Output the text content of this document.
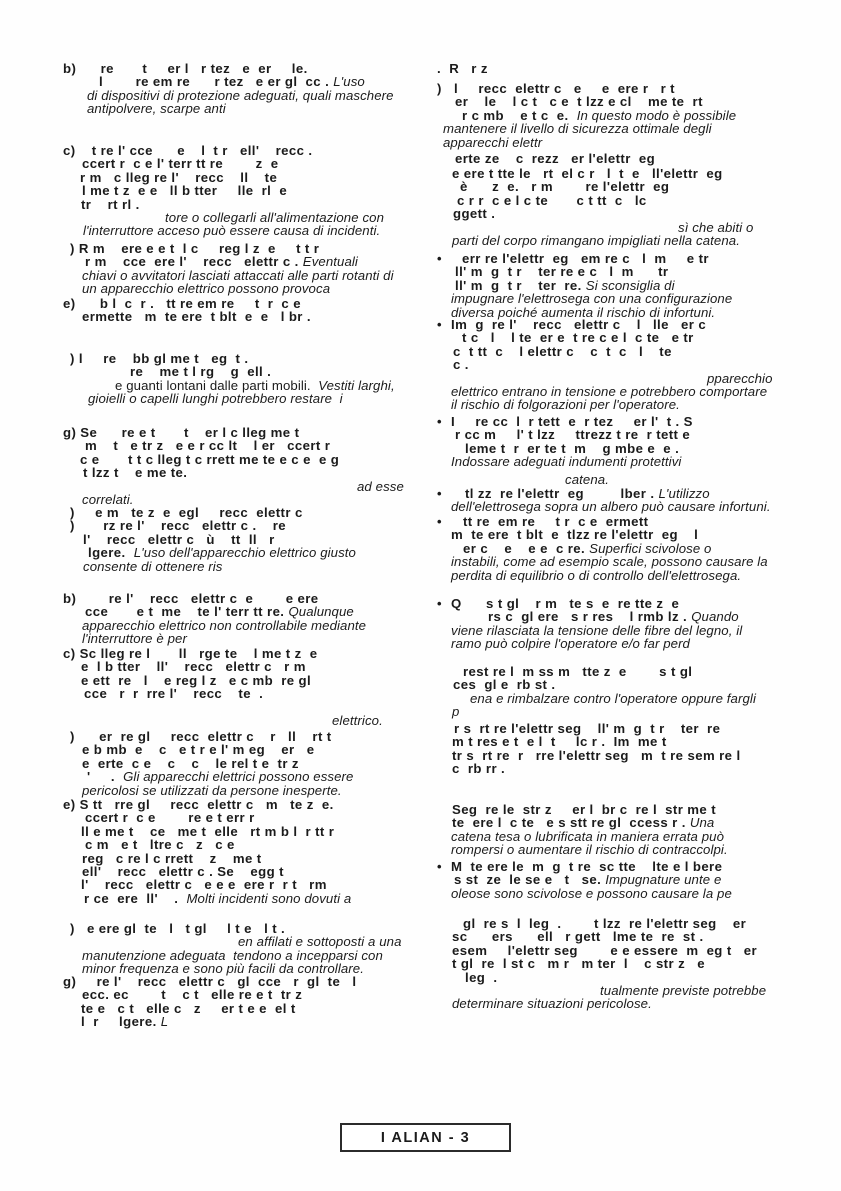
I ALIAN - 3
b)      re       t     er l   r tez   e  er     le.
l        re em re      r tez   e er gl  cc . L'uso
di dispositivi di protezione adeguati, quali maschere
antipolvere, scarpe anti
c)    t re l' cce      e    l  t r   ell'    recc .
ccert r  c e l' terr tt re        z  e
r m   c lleg re l'    recc    ll    te
l me t z  e e   ll b tter     lle  rl  e
tr    rt rl .
tore o collegarli all'alimentazione con
l'interruttore acceso può essere causa di incidenti.
) R m    ere e e t  l c     reg l z  e     t t r
r m    cce  ere l'    recc   elettr c . Eventuali
chiavi o avvitatori lasciati attaccati alle parti rotanti di
un apparecchio elettrico possono provoca
e)      b l  c  r .   tt re em re     t  r  c e
ermette   m  te ere  t blt  e  e   l br .
) l     re    bb gl me t   eg  t .
re    me t l rg    g  ell .
e guanti lontani dalle parti mobili.  Vestiti larghi,
gioielli o capelli lunghi potrebbero restare  i
g) Se      re e t       t    er l c lleg me t
m    t   e tr z   e e r cc lt    l er   ccert r
c e       t t c lleg t c rrett me te e c e  e g
t lzz t    e me te.
ad esse
correlati.
)     e m   te z  e  egl     recc  elettr c
)       rz re l'    recc   elettr c .    re
l'    recc   elettr c   ù    tt  ll   r
lgere.  L'uso dell'apparecchio elettrico giusto
consente di ottenere ris
b)        re l'    recc   elettr c  e        e ere
cce       e t  me    te l' terr tt re. Qualunque
apparecchio elettrico non controllabile mediante
l'interruttore è per
c) Sc lleg re l       ll   rge te    l me t z  e
e  l b tter    ll'    recc   elettr c   r m
e ett  re   l    e reg l z   e c mb  re gl
cce   r  r  rre l'    recc    te  .
elettrico.
)      er  re gl     recc  elettr c    r   ll    rt t
e b mb  e    c   e t r e l' m eg    er   e
e  erte  c e    c    c    le rel t e  tr z
'     .  Gli apparecchi elettrici possono essere
pericolosi se utilizzati da persone inesperte.
e) S tt   rre gl     recc  elettr c   m   te z  e.
ccert r  c e        re e t err r
ll e me t    ce   me t  elle   rt m b l  r tt r
c m   e t   ltre c   z   c e
reg   c re l c rrett    z    me t
ell'    recc   elettr c . Se    egg t
l'    recc   elettr c   e e e  ere r  r t   rm
r ce  ere  ll'    .  Molti incidenti sono dovuti a
)   e ere gl  te   l   t gl     l t e   l t .
en affilati e sottoposti a una
manutenzione adeguata  tendono a incepparsi con
minor frequenza e sono più facili da controllare.
g)     re l'    recc   elettr c   gl  cce   r  gl  te   l
ecc. ec        t    c t   elle re e t  tr z
te e   c t   elle c   z     er t e e  el t
l  r     lgere. L
.  R   r z
)   l     recc  elettr c   e     e  ere r   r t
er    le    l c t   c e  t lzz e cl    me te  rt
r c mb    e t c  e.  In questo modo è possibile
mantenere il livello di sicurezza ottimale degli
apparecchi elettr
erte ze    c  rezz   er l'elettr  eg
e ere t tte le   rt  el c r   l  t  e   ll'elettr  eg
è      z  e.   r m        re l'elettr  eg
c r r  c e l c te       c t tt  c   lc
ggett .
sì che abiti o
parti del corpo rimangano impigliati nella catena.
• err re l'elettr  eg   em re c   l  m     e tr
ll' m  g  t r    ter re e c   l  m      tr
ll' m  g  t r    ter  re. Si sconsiglia di
impugnare l'elettrosega con una configurazione
diversa poiché aumenta il rischio di infortuni.
• Im  g  re l'    recc   elettr c    l   lle   er c
t c   l    l te  er e  t re c e l  c te   e tr
c  t tt  c    l elettr c    c  t  c   l    te
c .
pparecchio
elettrico entrano in tensione e potrebbero comportare
il rischio di folgorazioni per l'operatore.
• I     re cc  l  r tett  e  r tez     er l'  t . S
r cc m     l' t lzz     ttrezz t re  r tett e
leme t  r  er te t  m    g mbe e  e .
Indossare adeguati indumenti protettivi
catena.
• tl zz  re l'elettr  eg         lber . L'utilizzo
dell'elettrosega sopra un albero può causare infortuni.
• tt re  em re     t r  c e  ermett
m  te ere  t blt  e  tlzz re l'elettr  eg    l
er c    e    e e  c re. Superfici scivolose o
instabili, come ad esempio scale, possono causare la
perdita di equilibrio o di controllo dell'elettrosega.
• Q      s t gl    r m   te s  e  re tte z  e
rs c  gl ere   s r res    l rmb lz . Quando
viene rilasciata la tensione delle fibre del legno, il
ramo può colpire l'operatore e/o far perd
rest re l  m ss m   tte z  e        s t gl
ces  gl e  rb st .
ena e rimbalzare contro l'operatore oppure fargli
p
r s  rt re l'elettr seg    ll' m  g  t r    ter  re
m t res e t  e l  t     lc r .  Im  me t
tr s  rt re  r   rre l'elettr seg   m  t re sem re l
c  rb rr .
Seg  re le  str z     er l  br c  re l  str me t
te  ere l  c te   e s stt re gl  ccess r . Una
catena tesa o lubrificata in maniera errata può
rompersi o aumentare il rischio di contraccolpi.
• M  te ere le  m  g  t re  sc tte    lte e l bere
s st  ze  le se e   t   se. Impugnature unte e
oleose sono scivolose e possono causare la pe
gl  re s  l  leg  .        t lzz  re l'elettr seg    er
sc      ers      ell   r gett   lme te  re  st .
esem     l'elettr seg        e e essere  m  eg t   er
t gl  re  l st c   m r   m ter  l    c str z   e
leg  .
tualmente previste potrebbe
determinare situazioni pericolose.
